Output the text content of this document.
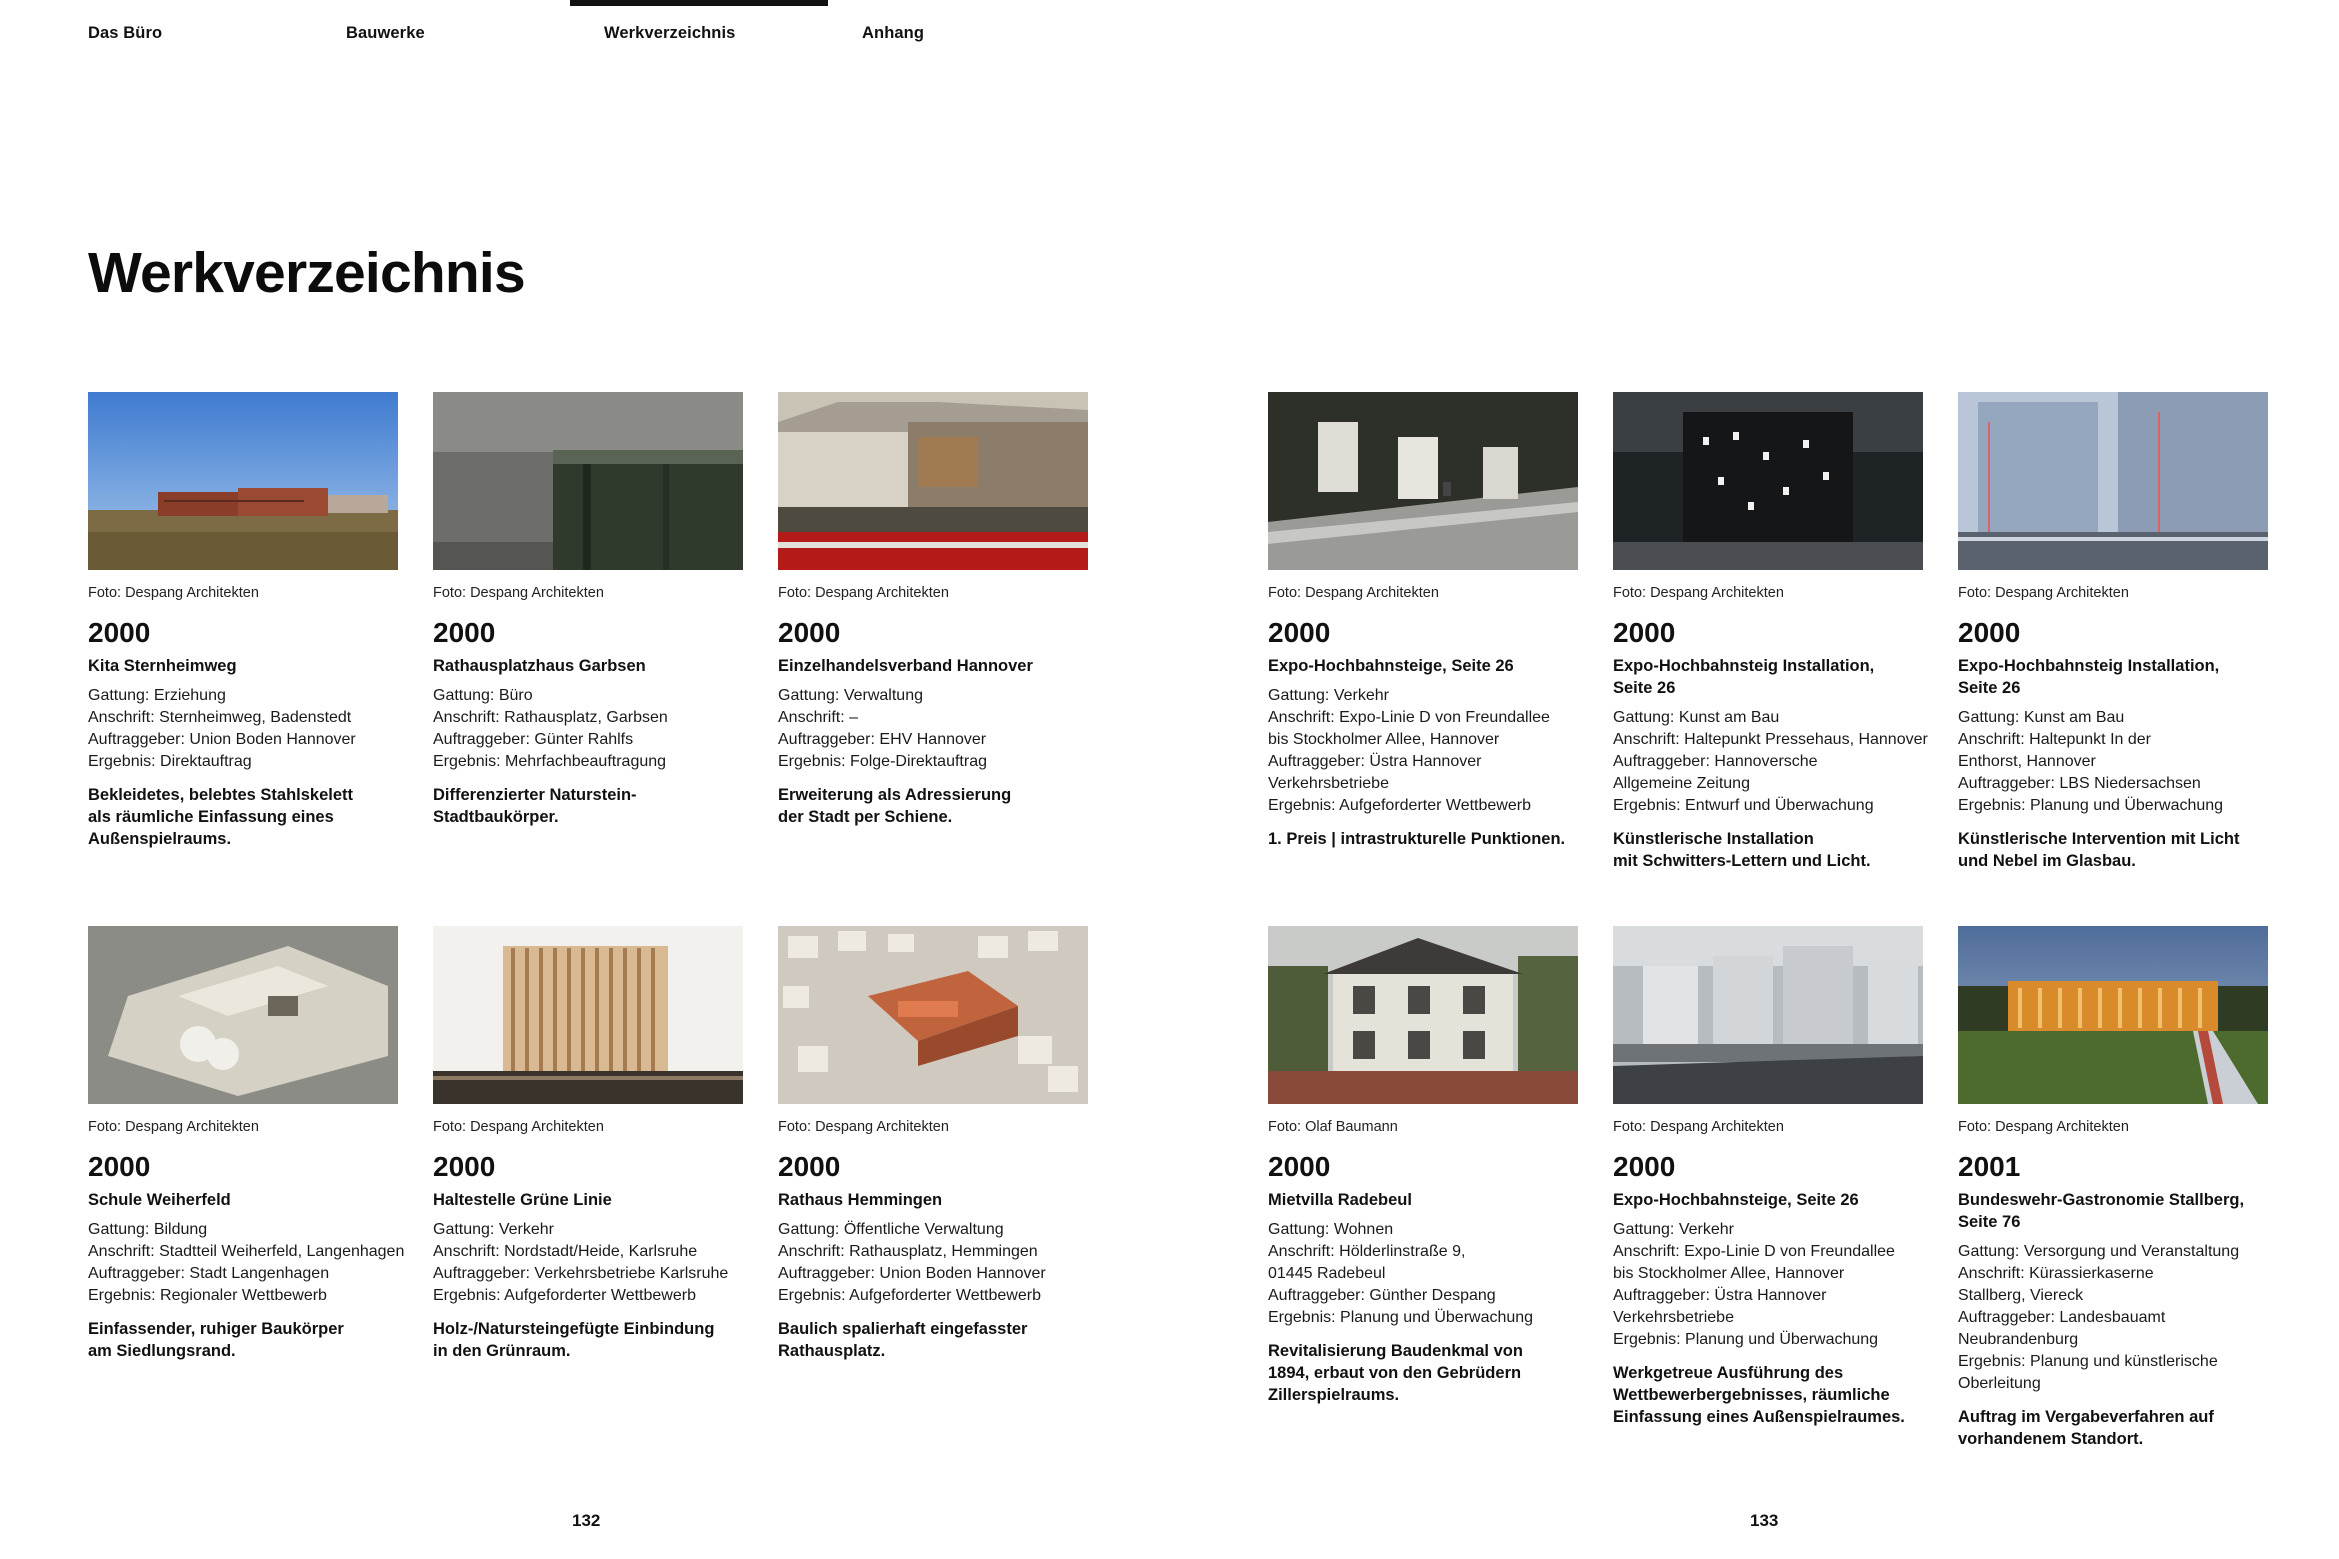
Das Büro	Bauwerke	Werkverzeichnis	Anhang
Werkverzeichnis
Foto: Despang Architekten
2000
Kita Sternheimweg
Gattung: Erziehung
Anschrift: Sternheimweg, Badenstedt
Auftraggeber: Union Boden Hannover
Ergebnis: Direktauftrag
Bekleidetes, belebtes Stahlskelett
als räumliche Einfassung eines
Außenspielraums.
Foto: Despang Architekten
2000
Rathausplatzhaus Garbsen
Gattung: Büro
Anschrift: Rathausplatz, Garbsen
Auftraggeber: Günter Rahlfs
Ergebnis: Mehrfachbeauftragung
Differenzierter Naturstein-
Stadtbaukörper.
Foto: Despang Architekten
2000
Einzelhandelsverband Hannover
Gattung: Verwaltung
Anschrift: –
Auftraggeber: EHV Hannover
Ergebnis: Folge-Direktauftrag
Erweiterung als Adressierung
der Stadt per Schiene.
Foto: Despang Architekten
2000
Expo-Hochbahnsteige, Seite 26
Gattung: Verkehr
Anschrift: Expo-Linie D von Freundallee
bis Stockholmer Allee, Hannover
Auftraggeber: Üstra Hannover
Verkehrsbetriebe
Ergebnis: Aufgeforderter Wettbewerb
1. Preis | intrastrukturelle Punktionen.
Foto: Despang Architekten
2000
Expo-Hochbahnsteig Installation,
Seite 26
Gattung: Kunst am Bau
Anschrift: Haltepunkt Pressehaus, Hannover
Auftraggeber: Hannoversche
Allgemeine Zeitung
Ergebnis: Entwurf und Überwachung
Künstlerische Installation
mit Schwitters-Lettern und Licht.
Foto: Despang Architekten
2000
Expo-Hochbahnsteig Installation,
Seite 26
Gattung: Kunst am Bau
Anschrift: Haltepunkt In der
Enthorst, Hannover
Auftraggeber: LBS Niedersachsen
Ergebnis: Planung und Überwachung
Künstlerische Intervention mit Licht
und Nebel im Glasbau.
Foto: Despang Architekten
2000
Schule Weiherfeld
Gattung: Bildung
Anschrift: Stadtteil Weiherfeld, Langenhagen
Auftraggeber: Stadt Langenhagen
Ergebnis: Regionaler Wettbewerb
Einfassender, ruhiger Baukörper
am Siedlungsrand.
Foto: Despang Architekten
2000
Haltestelle Grüne Linie
Gattung: Verkehr
Anschrift: Nordstadt/Heide, Karlsruhe
Auftraggeber: Verkehrsbetriebe Karlsruhe
Ergebnis: Aufgeforderter Wettbewerb
Holz-/Natursteingefügte Einbindung
in den Grünraum.
Foto: Despang Architekten
2000
Rathaus Hemmingen
Gattung: Öffentliche Verwaltung
Anschrift: Rathausplatz, Hemmingen
Auftraggeber: Union Boden Hannover
Ergebnis: Aufgeforderter Wettbewerb
Baulich spalierhaft eingefasster
Rathausplatz.
Foto: Olaf Baumann
2000
Mietvilla Radebeul
Gattung: Wohnen
Anschrift: Hölderlinstraße 9,
01445 Radebeul
Auftraggeber: Günther Despang
Ergebnis: Planung und Überwachung
Revitalisierung Baudenkmal von
1894, erbaut von den Gebrüdern
Zillerspielraums.
Foto: Despang Architekten
2000
Expo-Hochbahnsteige, Seite 26
Gattung: Verkehr
Anschrift: Expo-Linie D von Freundallee
bis Stockholmer Allee, Hannover
Auftraggeber: Üstra Hannover
Verkehrsbetriebe
Ergebnis: Planung und Überwachung
Werkgetreue Ausführung des
Wettbewerbergebnisses, räumliche
Einfassung eines Außenspielraumes.
Foto: Despang Architekten
2001
Bundeswehr-Gastronomie Stallberg,
Seite 76
Gattung: Versorgung und Veranstaltung
Anschrift: Kürassierkaserne
Stallberg, Viereck
Auftraggeber: Landesbauamt
Neubrandenburg
Ergebnis: Planung und künstlerische
Oberleitung
Auftrag im Vergabeverfahren auf
vorhandenem Standort.
132	133
